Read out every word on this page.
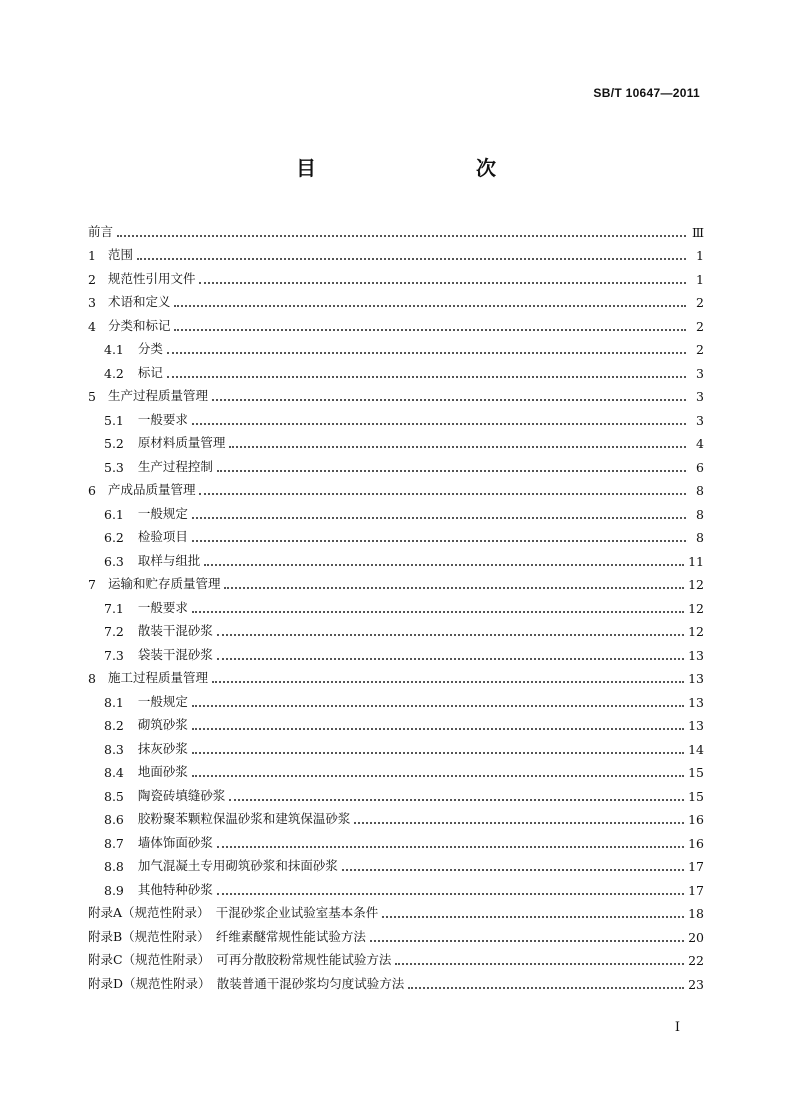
SB/T 10647—2011
目　　次
前言	Ⅲ
1 范围	1
2 规范性引用文件	1
3 术语和定义	2
4 分类和标记	2
4.1 分类	2
4.2 标记	3
5 生产过程质量管理	3
5.1 一般要求	3
5.2 原材料质量管理	4
5.3 生产过程控制	6
6 产成品质量管理	8
6.1 一般规定	8
6.2 检验项目	8
6.3 取样与组批	11
7 运输和贮存质量管理	12
7.1 一般要求	12
7.2 散装干混砂浆	12
7.3 袋装干混砂浆	13
8 施工过程质量管理	13
8.1 一般规定	13
8.2 砌筑砂浆	13
8.3 抹灰砂浆	14
8.4 地面砂浆	15
8.5 陶瓷砖填缝砂浆	15
8.6 胶粉聚苯颗粒保温砂浆和建筑保温砂浆	16
8.7 墙体饰面砂浆	16
8.8 加气混凝土专用砌筑砂浆和抹面砂浆	17
8.9 其他特种砂浆	17
附录A（规范性附录）　干混砂浆企业试验室基本条件	18
附录B（规范性附录）　纤维素醚常规性能试验方法	20
附录C（规范性附录）　可再分散胶粉常规性能试验方法	22
附录D（规范性附录）　散装普通干混砂浆均匀度试验方法	23
I
